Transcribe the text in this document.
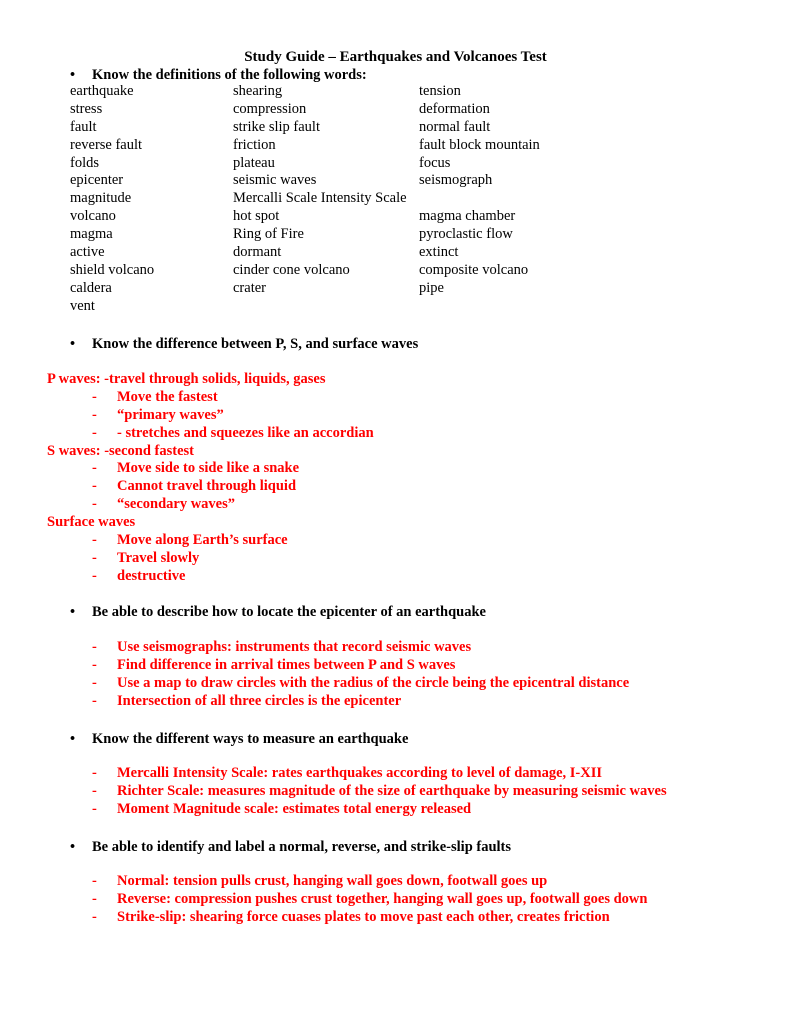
Study Guide – Earthquakes and Volcanoes Test
• Know the definitions of the following words:
earthquake	shearing	tension
stress	compression	deformation
fault	strike slip fault	normal fault
reverse fault	friction	fault block mountain
folds	plateau	focus
epicenter	seismic waves	seismograph
magnitude	Mercalli Scale Intensity Scale
volcano	hot spot	magma chamber
magma	Ring of Fire	pyroclastic flow
active	dormant	extinct
shield volcano	cinder cone volcano	composite volcano
caldera	crater	pipe
vent
• Know the difference between P, S, and surface waves
P waves: -travel through solids, liquids, gases
- Move the fastest
- “primary waves”
- - stretches and squeezes like an accordian
S waves: -second fastest
- Move side to side like a snake
- Cannot travel through liquid
- “secondary waves”
Surface waves
- Move along Earth’s surface
- Travel slowly
- destructive
• Be able to describe how to locate the epicenter of an earthquake
- Use seismographs: instruments that record seismic waves
- Find difference in arrival times between P and S waves
- Use a map to draw circles with the radius of the circle being the epicentral distance
- Intersection of all three circles is the epicenter
• Know the different ways to measure an earthquake
- Mercalli Intensity Scale: rates earthquakes according to level of damage, I-XII
- Richter Scale: measures magnitude of the size of earthquake by measuring seismic waves
- Moment Magnitude scale: estimates total energy released
• Be able to identify and label a normal, reverse, and strike-slip faults
- Normal: tension pulls crust, hanging wall goes down, footwall goes up
- Reverse: compression pushes crust together, hanging wall goes up, footwall goes down
- Strike-slip: shearing force cuases plates to move past each other, creates friction
